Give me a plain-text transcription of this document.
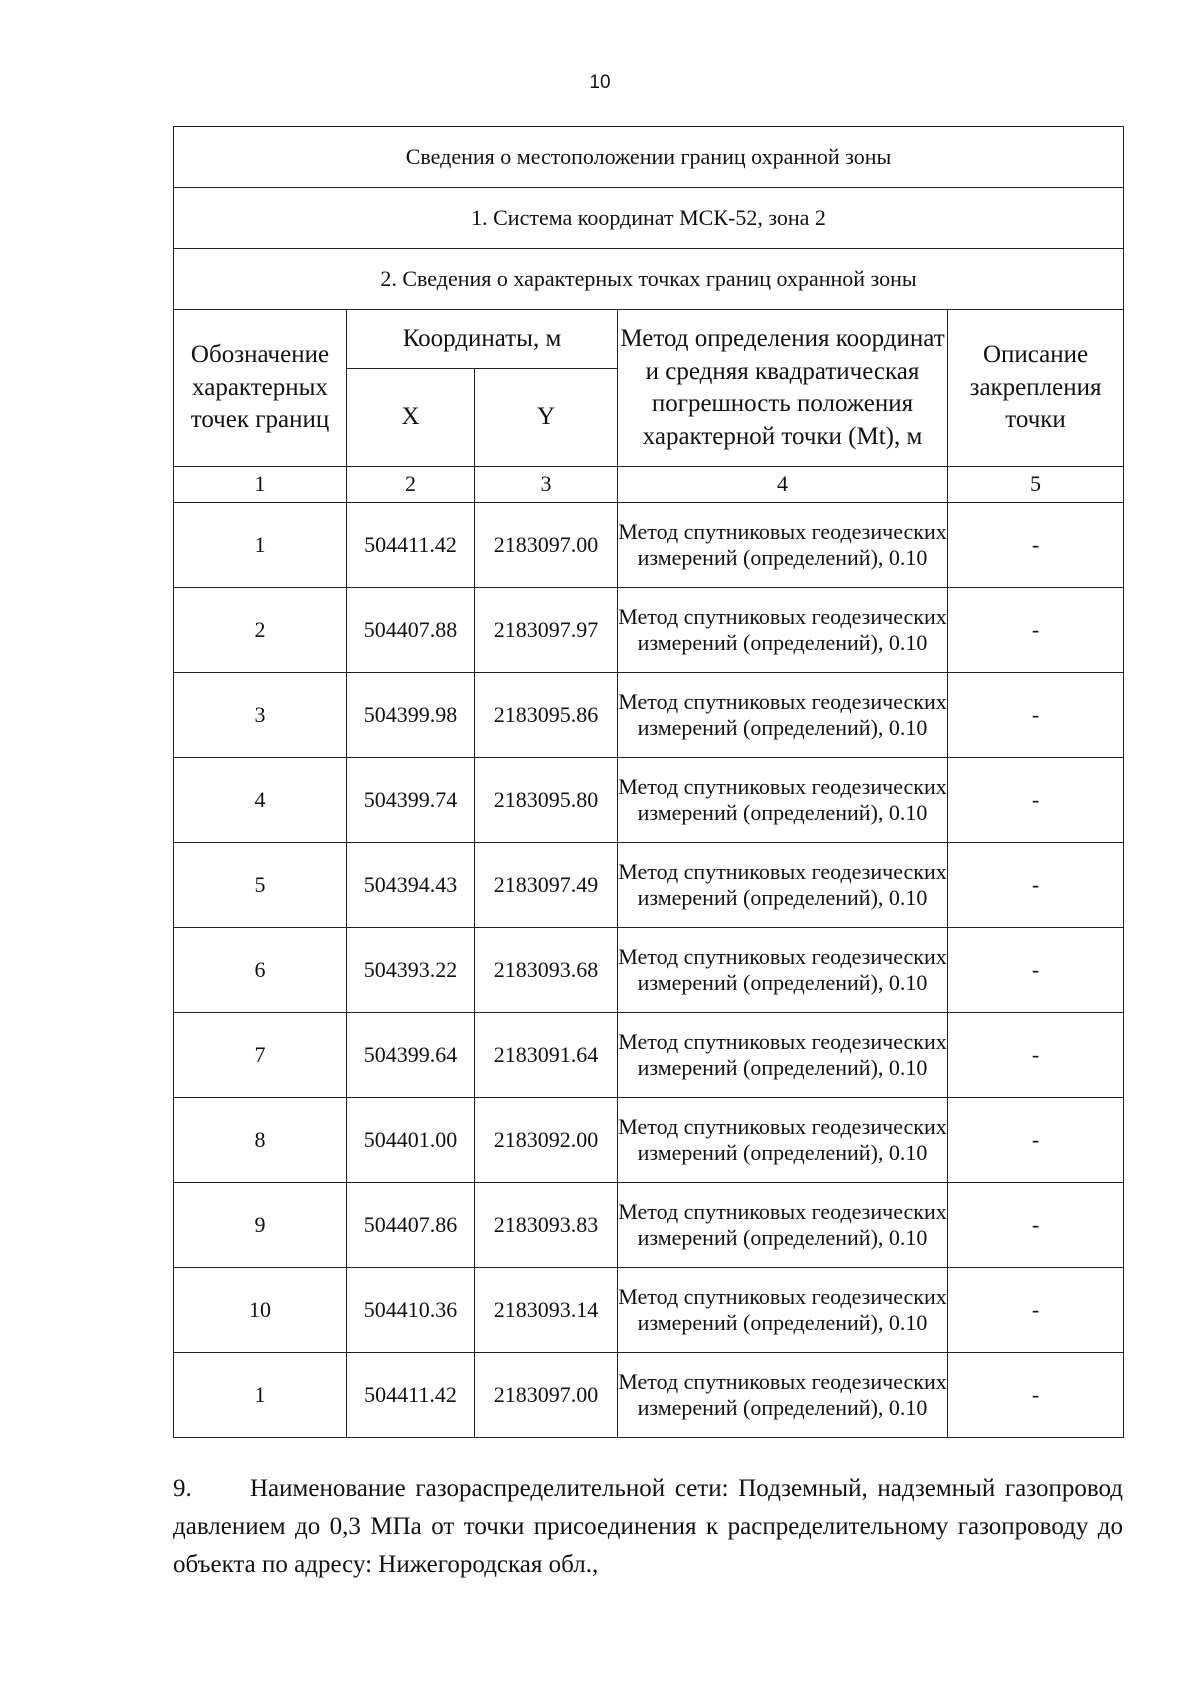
10
Сведения о местоположении границ охранной зоны				
1. Система координат МСК-52, зона 2				
2. Сведения о характерных точках границ охранной зоны				
Обозначение характерных точек границ	Координаты, м		Метод определения координат и средняя квадратическая погрешность положения характерной точки (Mt), м	Описание закрепления точки
	X	Y		
1	2	3	4	5
1	504411.42	2183097.00	Метод спутниковых геодезических измерений (определений), 0.10	-
2	504407.88	2183097.97	Метод спутниковых геодезических измерений (определений), 0.10	-
3	504399.98	2183095.86	Метод спутниковых геодезических измерений (определений), 0.10	-
4	504399.74	2183095.80	Метод спутниковых геодезических измерений (определений), 0.10	-
5	504394.43	2183097.49	Метод спутниковых геодезических измерений (определений), 0.10	-
6	504393.22	2183093.68	Метод спутниковых геодезических измерений (определений), 0.10	-
7	504399.64	2183091.64	Метод спутниковых геодезических измерений (определений), 0.10	-
8	504401.00	2183092.00	Метод спутниковых геодезических измерений (определений), 0.10	-
9	504407.86	2183093.83	Метод спутниковых геодезических измерений (определений), 0.10	-
10	504410.36	2183093.14	Метод спутниковых геодезических измерений (определений), 0.10	-
1	504411.42	2183097.00	Метод спутниковых геодезических измерений (определений), 0.10	-
9. Наименование газораспределительной сети: Подземный, надземный газопровод давлением до 0,3 МПа от точки присоединения к распределительному газопроводу до объекта по адресу: Нижегородская обл.,
